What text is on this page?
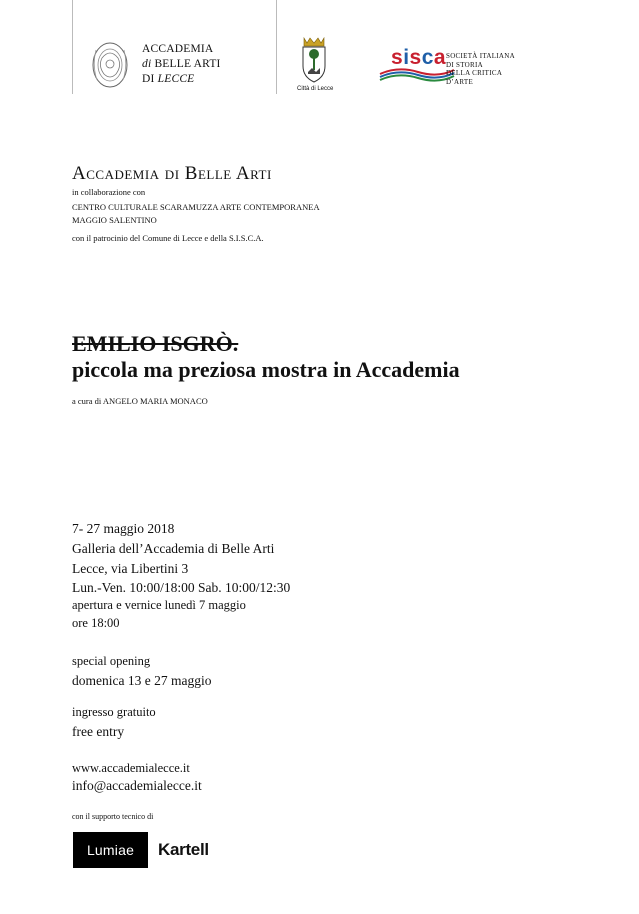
ACCADEMIA
di BELLE ARTI
DI LECCE
Città di Lecce
sisca SOCIETÀ ITALIANA
DI STORIA
DELLA CRITICA
D’ARTE
Accademia di Belle Arti
in collaborazione con
CENTRO CULTURALE SCARAMUZZA ARTE CONTEMPORANEA
MAGGIO SALENTINO
con il patrocinio del Comune di Lecce e della S.I.S.C.A.
EMILIO ISGRÒ.
piccola ma preziosa mostra in Accademia
a cura di ANGELO MARIA MONACO
7- 27 maggio 2018
Galleria dell’Accademia di Belle Arti
Lecce, via Libertini 3
Lun.-Ven. 10:00/18:00 Sab. 10:00/12:30
apertura e vernice lunedì 7 maggio
ore 18:00
special opening
domenica 13 e 27 maggio
ingresso gratuito
free entry
www.accademialecce.it
info@accademialecce.it
con il supporto tecnico di
Lumiae Kartell
